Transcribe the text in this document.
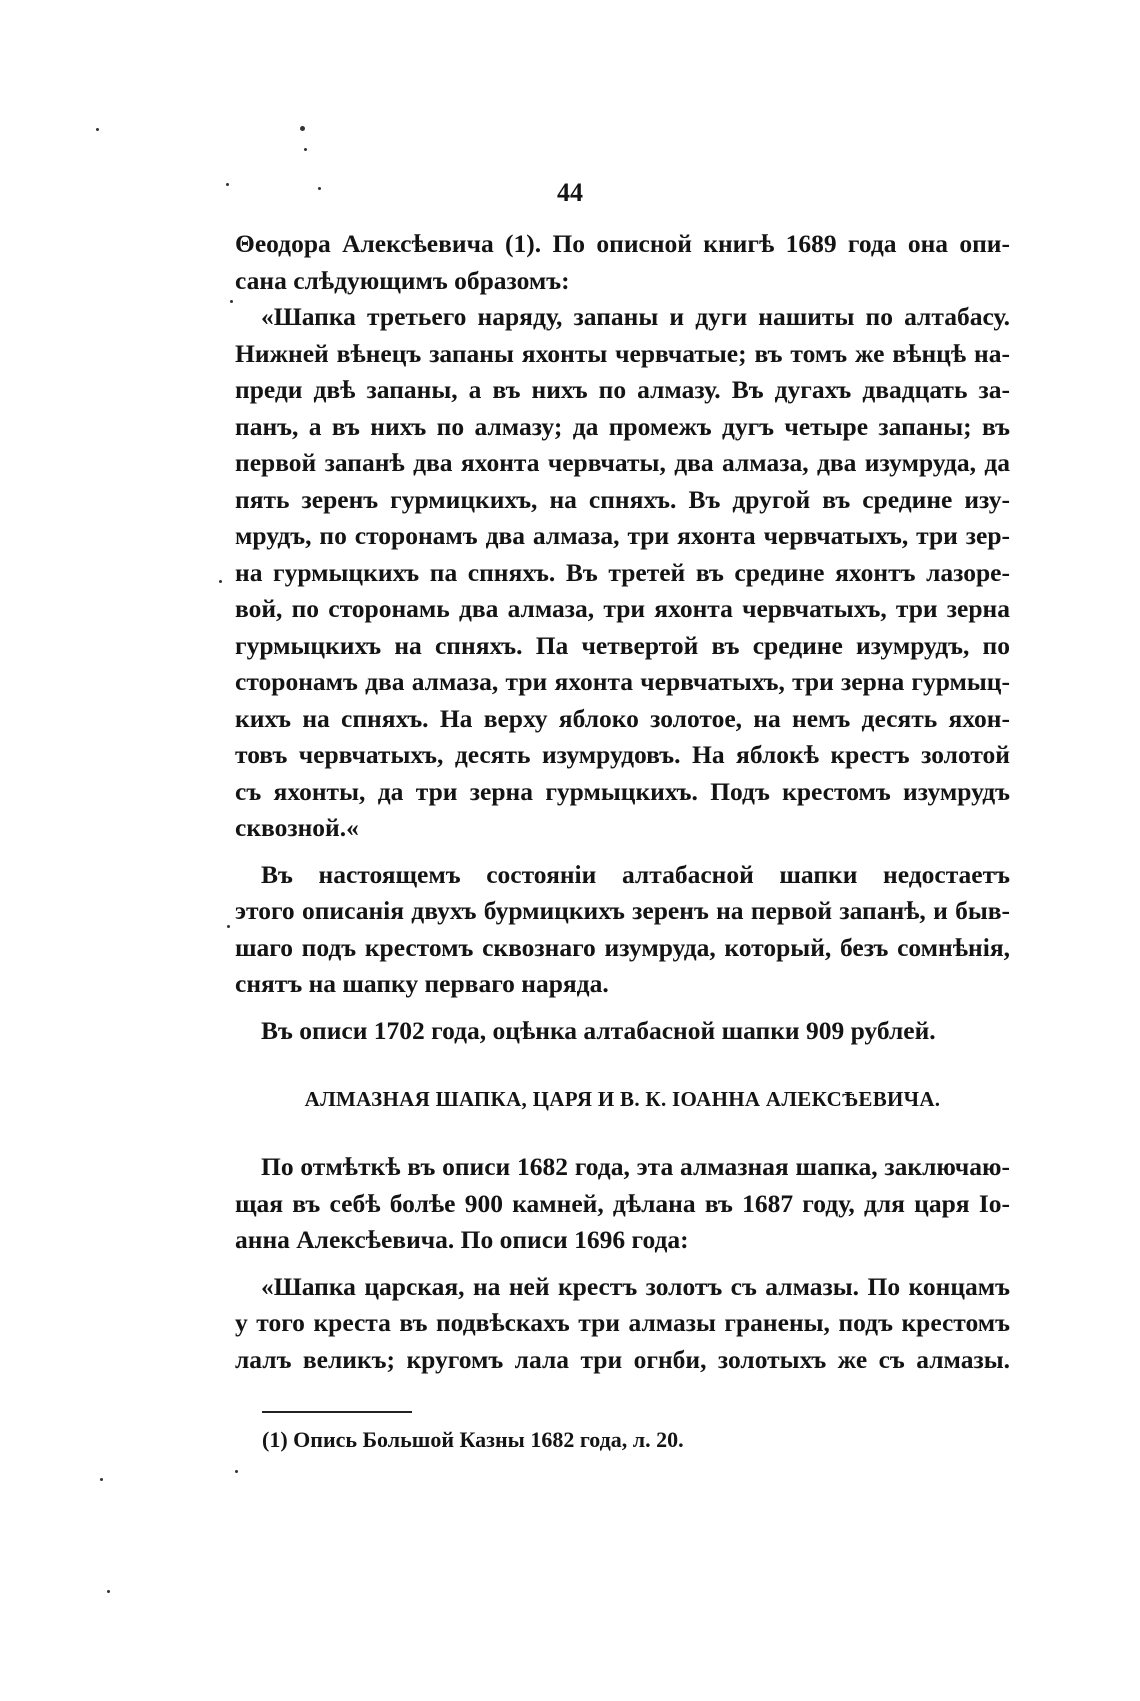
44
Θеодора Алексѣевича (1). По описной книгѣ 1689 года она опи-
сана слѣдующимъ образомъ:
«Шапка третьего наряду, запаны и дуги нашиты по алтабасу.
Нижней вѣнецъ запаны яхонты червчатые; въ томъ же вѣнцѣ на-
преди двѣ запаны, а въ нихъ по алмазу. Въ дугахъ двадцать за-
панъ, а въ нихъ по алмазу; да промежъ дугъ четыре запаны; въ
первой запанѣ два яхонта червчаты, два алмаза, два изумруда, да
пять зеренъ гурмицкихъ, на спняхъ. Въ другой въ средине изу-
мрудъ, по сторонамъ два алмаза, три яхонта червчатыхъ, три зер-
на гурмыцкихъ па спняхъ. Въ третей въ средине яхонтъ лазоре-
вой, по сторонамь два алмаза, три яхонта червчатыхъ, три зерна
гурмыцкихъ на спняхъ. Па четвертой въ средине изумрудъ, по
сторонамъ два алмаза, три яхонта червчатыхъ, три зерна гурмыц-
кихъ на спняхъ. На верху яблоко золотое, на немъ десять яхон-
товъ червчатыхъ, десять изумрудовъ. На яблокѣ крестъ золотой
съ яхонты, да три зерна гурмыцкихъ. Подъ крестомъ изумрудъ
сквозной.«
Въ настоящемъ состояніи алтабасной шапки недостаетъ
этого описанія двухъ бурмицкихъ зеренъ на первой запанѣ, и быв-
шаго подъ крестомъ сквознаго изумруда, который, безъ сомнѣнія,
снятъ на шапку перваго наряда.
Въ описи 1702 года, оцѣнка алтабасной шапки 909 рублей.
АЛМАЗНАЯ ШАПКА, ЦАРЯ И В. К. ІОАННА АЛЕКСѢЕВИЧА.
По отмѣткѣ въ описи 1682 года, эта алмазная шапка, заключаю-
щая въ себѣ болѣе 900 камней, дѣлана въ 1687 году, для царя Іо-
анна Алексѣевича. По описи 1696 года:
«Шапка царская, на ней крестъ золотъ съ алмазы. По концамъ
у того креста въ подвѣскахъ три алмазы гранены, подъ крестомъ
лалъ великъ; кругомъ лала три огнби, золотыхъ же съ алмазы.
(1) Опись Большой Казны 1682 года, л. 20.
